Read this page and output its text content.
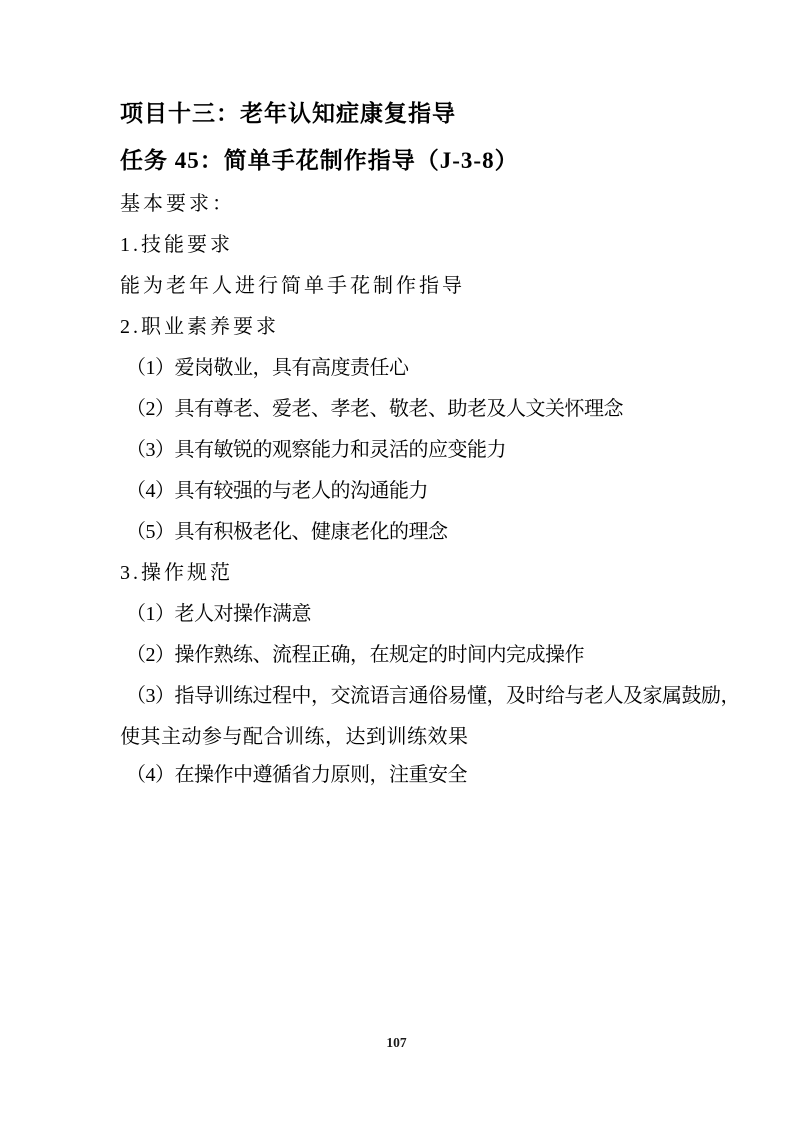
项目十三：老年认知症康复指导
任务 45：简单手花制作指导（J-3-8）
基本要求：
1.技能要求
能为老年人进行简单手花制作指导
2.职业素养要求
（1）爱岗敬业，具有高度责任心
（2）具有尊老、爱老、孝老、敬老、助老及人文关怀理念
（3）具有敏锐的观察能力和灵活的应变能力
（4）具有较强的与老人的沟通能力
（5）具有积极老化、健康老化的理念
3.操作规范
（1）老人对操作满意
（2）操作熟练、流程正确，在规定的时间内完成操作
（3）指导训练过程中，交流语言通俗易懂，及时给与老人及家属鼓励，
使其主动参与配合训练，达到训练效果
（4）在操作中遵循省力原则，注重安全
107
